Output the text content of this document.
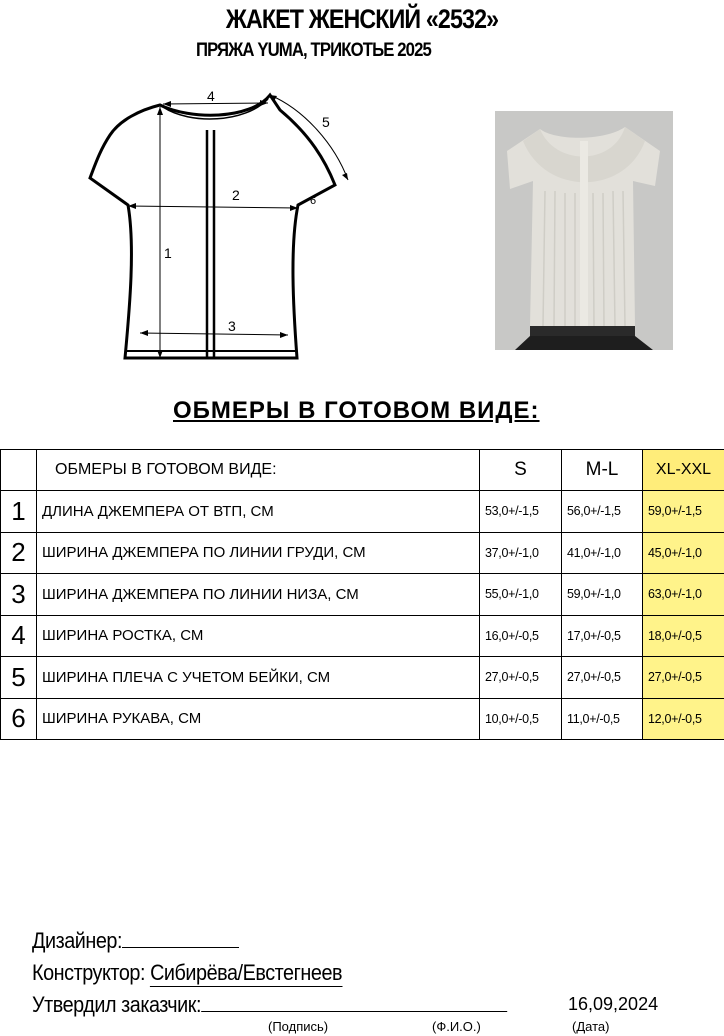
ЖАКЕТ ЖЕНСКИЙ «2532»
ПРЯЖА YUMA, ТРИКОТЬЕ 2025
1
2
3
4
5
6
ОБМЕРЫ В ГОТОВОМ ВИДЕ:
	ОБМЕРЫ В ГОТОВОМ ВИДЕ:	S	M-L	XL-XXL
1	ДЛИНА ДЖЕМПЕРА ОТ ВТП, СМ	53,0+/-1,5	56,0+/-1,5	59,0+/-1,5
2	ШИРИНА ДЖЕМПЕРА ПО ЛИНИИ ГРУДИ, СМ	37,0+/-1,0	41,0+/-1,0	45,0+/-1,0
3	ШИРИНА ДЖЕМПЕРА ПО ЛИНИИ НИЗА, СМ	55,0+/-1,0	59,0+/-1,0	63,0+/-1,0
4	ШИРИНА РОСТКА, СМ	16,0+/-0,5	17,0+/-0,5	18,0+/-0,5
5	ШИРИНА ПЛЕЧА С УЧЕТОМ БЕЙКИ, СМ	27,0+/-0,5	27,0+/-0,5	27,0+/-0,5
6	ШИРИНА РУКАВА, СМ	10,0+/-0,5	11,0+/-0,5	12,0+/-0,5
Дизайнер:
Конструктор: Сибирёва/Евстегнеев
Утвердил заказчик:	16,09,2024
(Подпись)	(Ф.И.О.)	(Дата)
